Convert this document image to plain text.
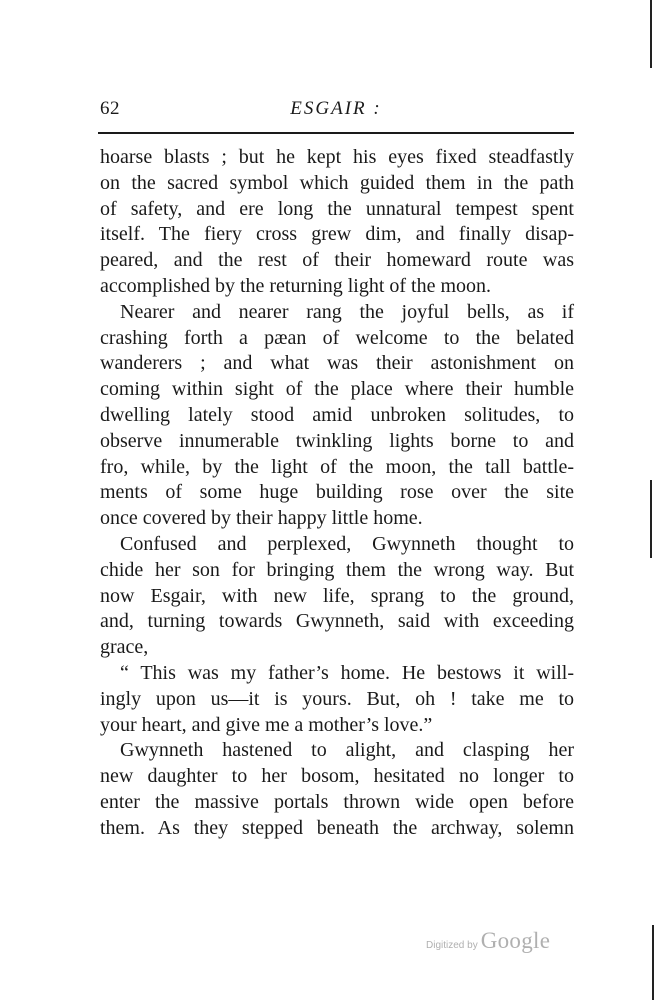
62	ESGAIR :

hoarse blasts ; but he kept his eyes fixed steadfastly
on the sacred symbol which guided them in the path
of safety, and ere long the unnatural tempest spent
itself. The fiery cross grew dim, and finally disap-
peared, and the rest of their homeward route was
accomplished by the returning light of the moon.

Nearer and nearer rang the joyful bells, as if
crashing forth a pæan of welcome to the belated
wanderers ; and what was their astonishment on
coming within sight of the place where their humble
dwelling lately stood amid unbroken solitudes, to
observe innumerable twinkling lights borne to and
fro, while, by the light of the moon, the tall battle-
ments of some huge building rose over the site
once covered by their happy little home.

Confused and perplexed, Gwynneth thought to
chide her son for bringing them the wrong way. But
now Esgair, with new life, sprang to the ground,
and, turning towards Gwynneth, said with exceeding
grace,

“ This was my father’s home. He bestows it will-
ingly upon us—it is yours. But, oh ! take me to
your heart, and give me a mother’s love.”

Gwynneth hastened to alight, and clasping her
new daughter to her bosom, hesitated no longer to
enter the massive portals thrown wide open before
them. As they stepped beneath the archway, solemn

Digitized by Google
